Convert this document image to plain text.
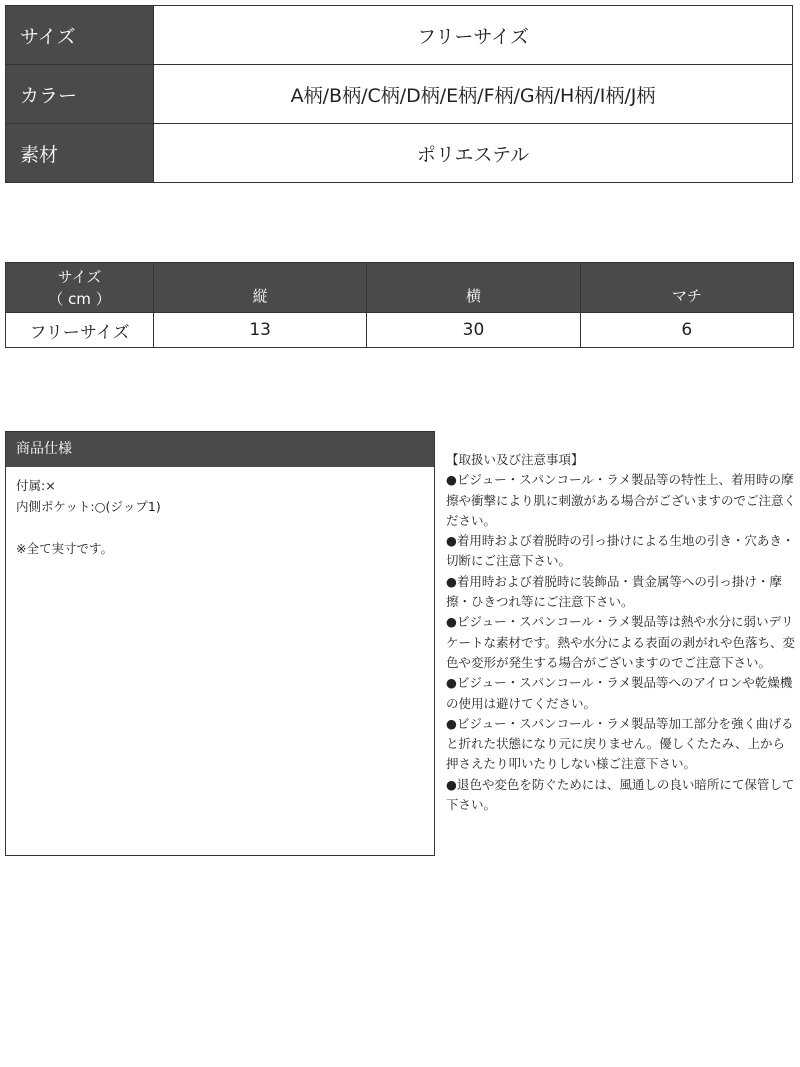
サイズ	フリーサイズ
カラー	A柄/B柄/C柄/D柄/E柄/F柄/G柄/H柄/I柄/J柄
素材	ポリエステル
サイズ
（ cm ）	縦	横	マチ
フリーサイズ	13	30	6
商品仕様
付属:×
内側ポケット:○(ジップ1)
※全て実寸です。

【取扱い及び注意事項】

●ビジュー・スパンコール・ラメ製品等の特性上、着用時の摩擦や衝撃により肌に刺激がある場合がございますのでご注意ください。

●着用時および着脱時の引っ掛けによる生地の引き・穴あき・切断にご注意下さい。

●着用時および着脱時に装飾品・貴金属等への引っ掛け・摩擦・ひきつれ等にご注意下さい。

●ビジュー・スパンコール・ラメ製品等は熱や水分に弱いデリケートな素材です。熱や水分による表面の剥がれや色落ち、変色や変形が発生する場合がございますのでご注意下さい。

●ビジュー・スパンコール・ラメ製品等へのアイロンや乾燥機の使用は避けてください。

●ビジュー・スパンコール・ラメ製品等加工部分を強く曲げると折れた状態になり元に戻りません。優しくたたみ、上から押さえたり叩いたりしない様ご注意下さい。

●退色や変色を防ぐためには、風通しの良い暗所にて保管して下さい。
